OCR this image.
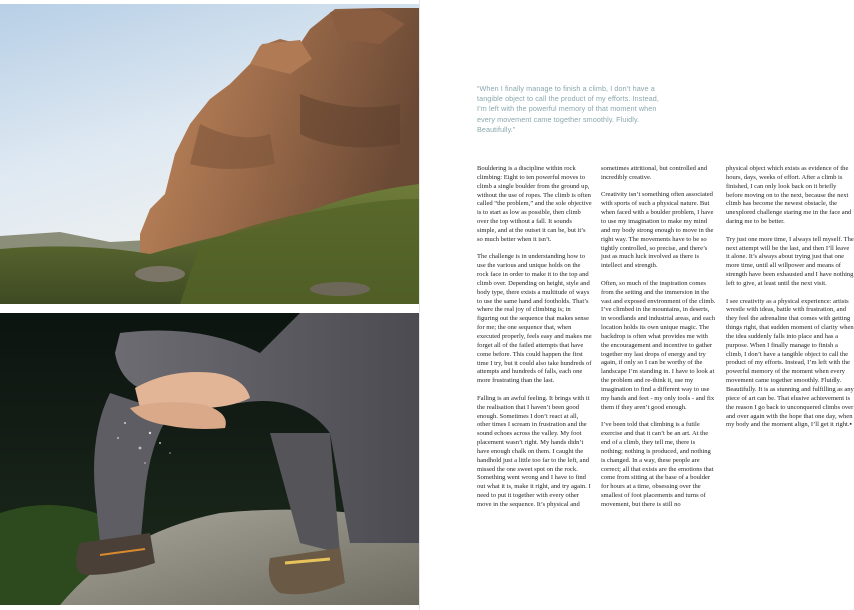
“When I finally manage to finish a climb, I don’t have a tangible object to call the product of my efforts. Instead, I’m left with the powerful memory of that moment when every movement came together smoothly. Fluidly. Beautifully.”

Bouldering is a discipline within rock climbing: Eight to ten powerful moves to climb a single boulder from the ground up, without the use of ropes. The climb is often called “the problem,” and the sole objective is to start as low as possible, then climb over the top without a fall. It sounds simple, and at the outset it can be, but it’s so much better when it isn’t.

The challenge is in understanding how to use the various and unique holds on the rock face in order to make it to the top and climb over. Depending on height, style and body type, there exists a multitude of ways to use the same hand and footholds. That’s where the real joy of climbing is; in figuring out the sequence that makes sense for me; the one sequence that, when executed properly, feels easy and makes me forget all of the failed attempts that have come before. This could happen the first time I try, but it could also take hundreds of attempts and hundreds of falls, each one more frustrating than the last.

Falling is an awful feeling. It brings with it the realisation that I haven’t been good enough. Sometimes I don’t react at all, other times I scream in frustration and the sound echoes across the valley. My foot placement wasn’t right. My hands didn’t have enough chalk on them. I caught the handhold just a little too far to the left, and missed the one sweet spot on the rock. Something went wrong and I have to find out what it is, make it right, and try again. I need to put it together with every other move in the sequence. It’s physical and

sometimes attritional, but controlled and incredibly creative.

Creativity isn’t something often associated with sports of such a physical nature. But when faced with a boulder problem, I have to use my imagination to make my mind and my body strong enough to move in the right way. The movements have to be so tightly controlled, so precise, and there’s just as much luck involved as there is intellect and strength.

Often, so much of the inspiration comes from the setting and the immersion in the vast and exposed environment of the climb. I’ve climbed in the mountains, in deserts, in woodlands and industrial areas, and each location holds its own unique magic. The backdrop is often what provides me with the encouragement and incentive to gather together my last drops of energy and try again, if only so I can be worthy of the landscape I’m standing in. I have to look at the problem and re-think it, use my imagination to find a different way to use my hands and feet - my only tools - and fix them if they aren’t good enough.

I’ve been told that climbing is a futile exercise and that it can’t be an art. At the end of a climb, they tell me, there is nothing; nothing is produced, and nothing is changed. In a way, these people are correct; all that exists are the emotions that come from sitting at the base of a boulder for hours at a time, obsessing over the smallest of foot placements and turns of movement, but there is still no

physical object which exists as evidence of the hours, days, weeks of effort. After a climb is finished, I can only look back on it briefly before moving on to the next, because the next climb has become the newest obstacle, the unexplored challenge staring me in the face and daring me to be better.

Try just one more time, I always tell myself. The next attempt will be the last, and then I’ll leave it alone. It’s always about trying just that one more time, until all willpower and means of strength have been exhausted and I have nothing left to give, at least until the next visit.

I see creativity as a physical experience: artists wrestle with ideas, battle with frustration, and they feel the adrenaline that comes with getting things right, that sudden moment of clarity when the idea suddenly falls into place and has a purpose. When I finally manage to finish a climb, I don’t have a tangible object to call the product of my efforts. Instead, I’m left with the powerful memory of the moment when every movement came together smoothly. Fluidly. Beautifully. It is as stunning and fulfilling as any piece of art can be. That elusive achievement is the reason I go back to unconquered climbs over and over again with the hope that one day, when my body and the moment align, I’ll get it right.▪
